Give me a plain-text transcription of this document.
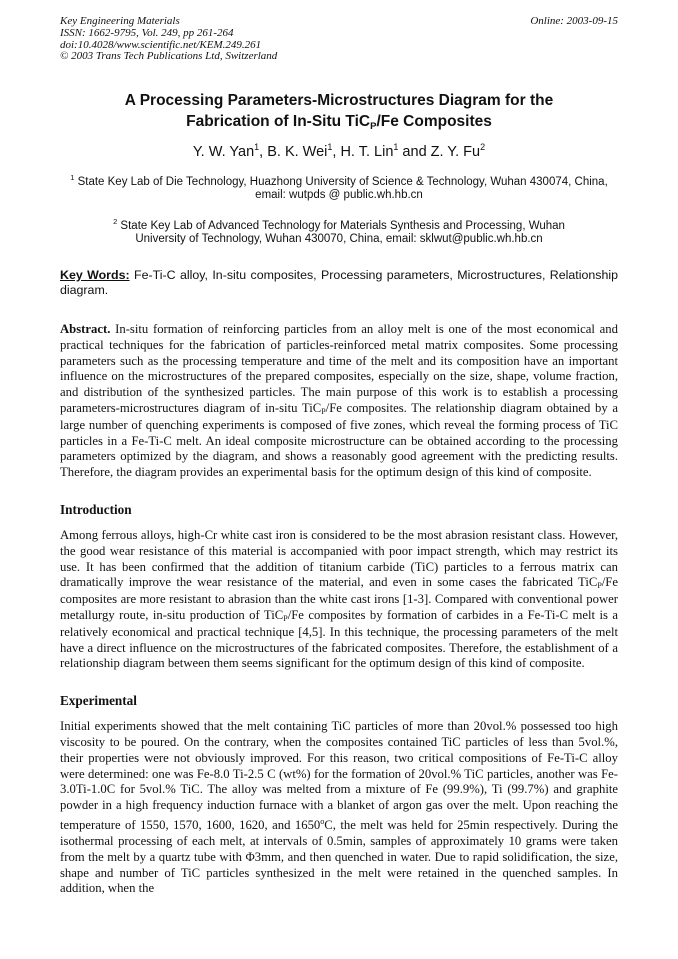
Key Engineering Materials
ISSN: 1662-9795, Vol. 249, pp 261-264
doi:10.4028/www.scientific.net/KEM.249.261
© 2003 Trans Tech Publications Ltd, Switzerland
Online: 2003-09-15
A Processing Parameters-Microstructures Diagram for the
Fabrication of In-Situ TiC$_P$/Fe Composites
Y. W. Yan$^1$, B. K. Wei$^1$, H. T. Lin$^1$ and Z. Y. Fu$^2$
$^1$ State Key Lab of Die Technology, Huazhong University of Science & Technology, Wuhan 430074, China, email: wutpds @ public.wh.hb.cn
$^2$ State Key Lab of Advanced Technology for Materials Synthesis and Processing, Wuhan University of Technology, Wuhan 430070, China, email: sklwut@public.wh.hb.cn
Key Words: Fe-Ti-C alloy, In-situ composites, Processing parameters, Microstructures, Relationship diagram.
Abstract. In-situ formation of reinforcing particles from an alloy melt is one of the most economical and practical techniques for the fabrication of particles-reinforced metal matrix composites. Some processing parameters such as the processing temperature and time of the melt and its composition have an important influence on the microstructures of the prepared composites, especially on the size, shape, volume fraction, and distribution of the synthesized particles. The main purpose of this work is to establish a processing parameters-microstructures diagram of in-situ TiC$_P$/Fe composites. The relationship diagram obtained by a large number of quenching experiments is composed of five zones, which reveal the forming process of TiC particles in a Fe-Ti-C melt. An ideal composite microstructure can be obtained according to the processing parameters optimized by the diagram, and shows a reasonably good agreement with the predicting results. Therefore, the diagram provides an experimental basis for the optimum design of this kind of composite.
Introduction
Among ferrous alloys, high-Cr white cast iron is considered to be the most abrasion resistant class. However, the good wear resistance of this material is accompanied with poor impact strength, which may restrict its use. It has been confirmed that the addition of titanium carbide (TiC) particles to a ferrous matrix can dramatically improve the wear resistance of the material, and even in some cases the fabricated TiC$_P$/Fe composites are more resistant to abrasion than the white cast irons [1-3]. Compared with conventional power metallurgy route, in-situ production of TiC$_P$/Fe composites by formation of carbides in a Fe-Ti-C melt is a relatively economical and practical technique [4,5]. In this technique, the processing parameters of the melt have a direct influence on the microstructures of the fabricated composites. Therefore, the establishment of a relationship diagram between them seems significant for the optimum design of this kind of composite.
Experimental
Initial experiments showed that the melt containing TiC particles of more than 20vol.% possessed too high viscosity to be poured. On the contrary, when the composites contained TiC particles of less than 5vol.%, their properties were not obviously improved. For this reason, two critical compositions of Fe-Ti-C alloy were determined: one was Fe-8.0 Ti-2.5 C (wt%) for the formation of 20vol.% TiC particles, another was Fe-3.0Ti-1.0C for 5vol.% TiC. The alloy was melted from a mixture of Fe (99.9%), Ti (99.7%) and graphite powder in a high frequency induction furnace with a blanket of argon gas over the melt. Upon reaching the temperature of 1550, 1570, 1600, 1620, and 1650$^o$C, the melt was held for 25min respectively. During the isothermal processing of each melt, at intervals of 0.5min, samples of approximately 10 grams were taken from the melt by a quartz tube with Φ3mm, and then quenched in water. Due to rapid solidification, the size, shape and number of TiC particles synthesized in the melt were retained in the quenched samples. In addition, when the
